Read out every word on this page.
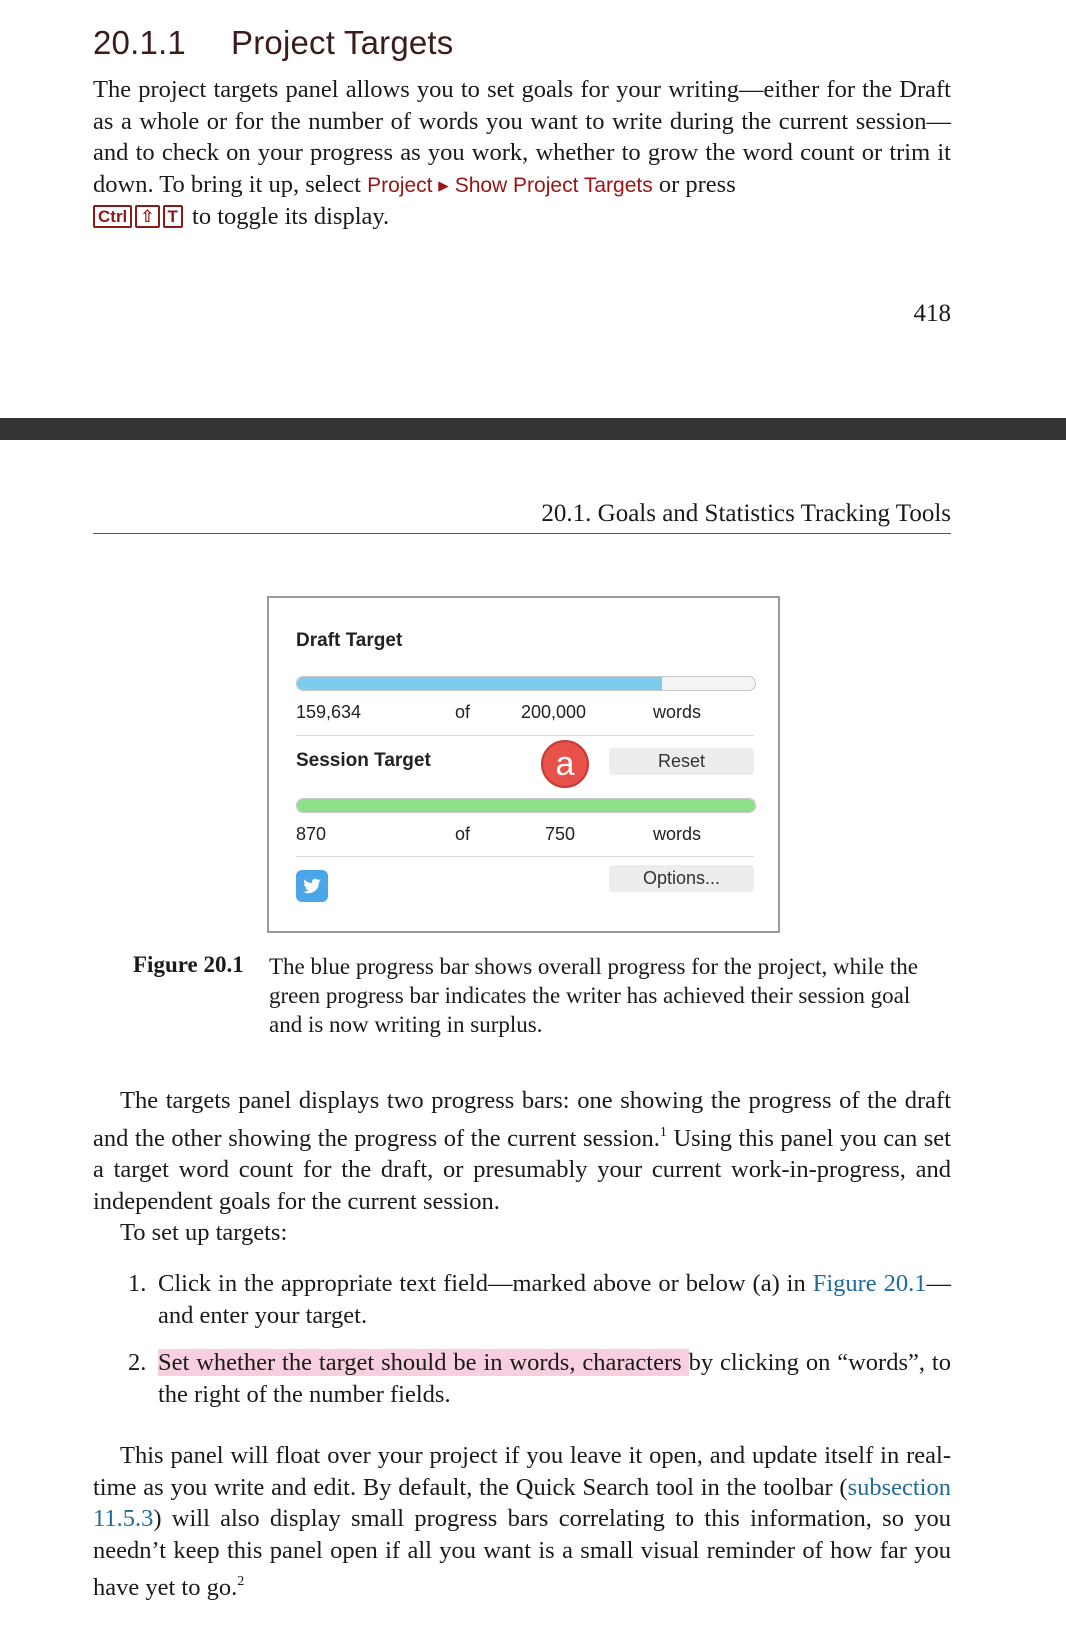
20.1.1 Project Targets
The project targets panel allows you to set goals for your writing—either for the Draft as a whole or for the number of words you want to write during the current session—and to check on your progress as you work, whether to grow the word count or trim it down. To bring it up, select Project ▸ Show Project Targets or press
Ctrl ⇧ T to toggle its display.
418
20.1. Goals and Statistics Tracking Tools
Draft Target
159,634	of	200,000	words
Session Target	a	Reset
870	of	750	words
Options...
Figure 20.1 The blue progress bar shows overall progress for the project, while the green progress bar indicates the writer has achieved their session goal and is now writing in surplus.
The targets panel displays two progress bars: one showing the progress of the draft and the other showing the progress of the current session.$^1$ Using this panel you can set a target word count for the draft, or presumably your current work-in-progress, and independent goals for the current session.
To set up targets:
1. Click in the appropriate text field—marked above or below (a) in Figure 20.1—and enter your target.
2. Set whether the target should be in words, characters by clicking on “words”, to the right of the number fields.
This panel will float over your project if you leave it open, and update itself in real-time as you write and edit. By default, the Quick Search tool in the toolbar (subsection 11.5.3) will also display small progress bars correlating to this information, so you needn’t keep this panel open if all you want is a small visual reminder of how far you have yet to go.$^2$
